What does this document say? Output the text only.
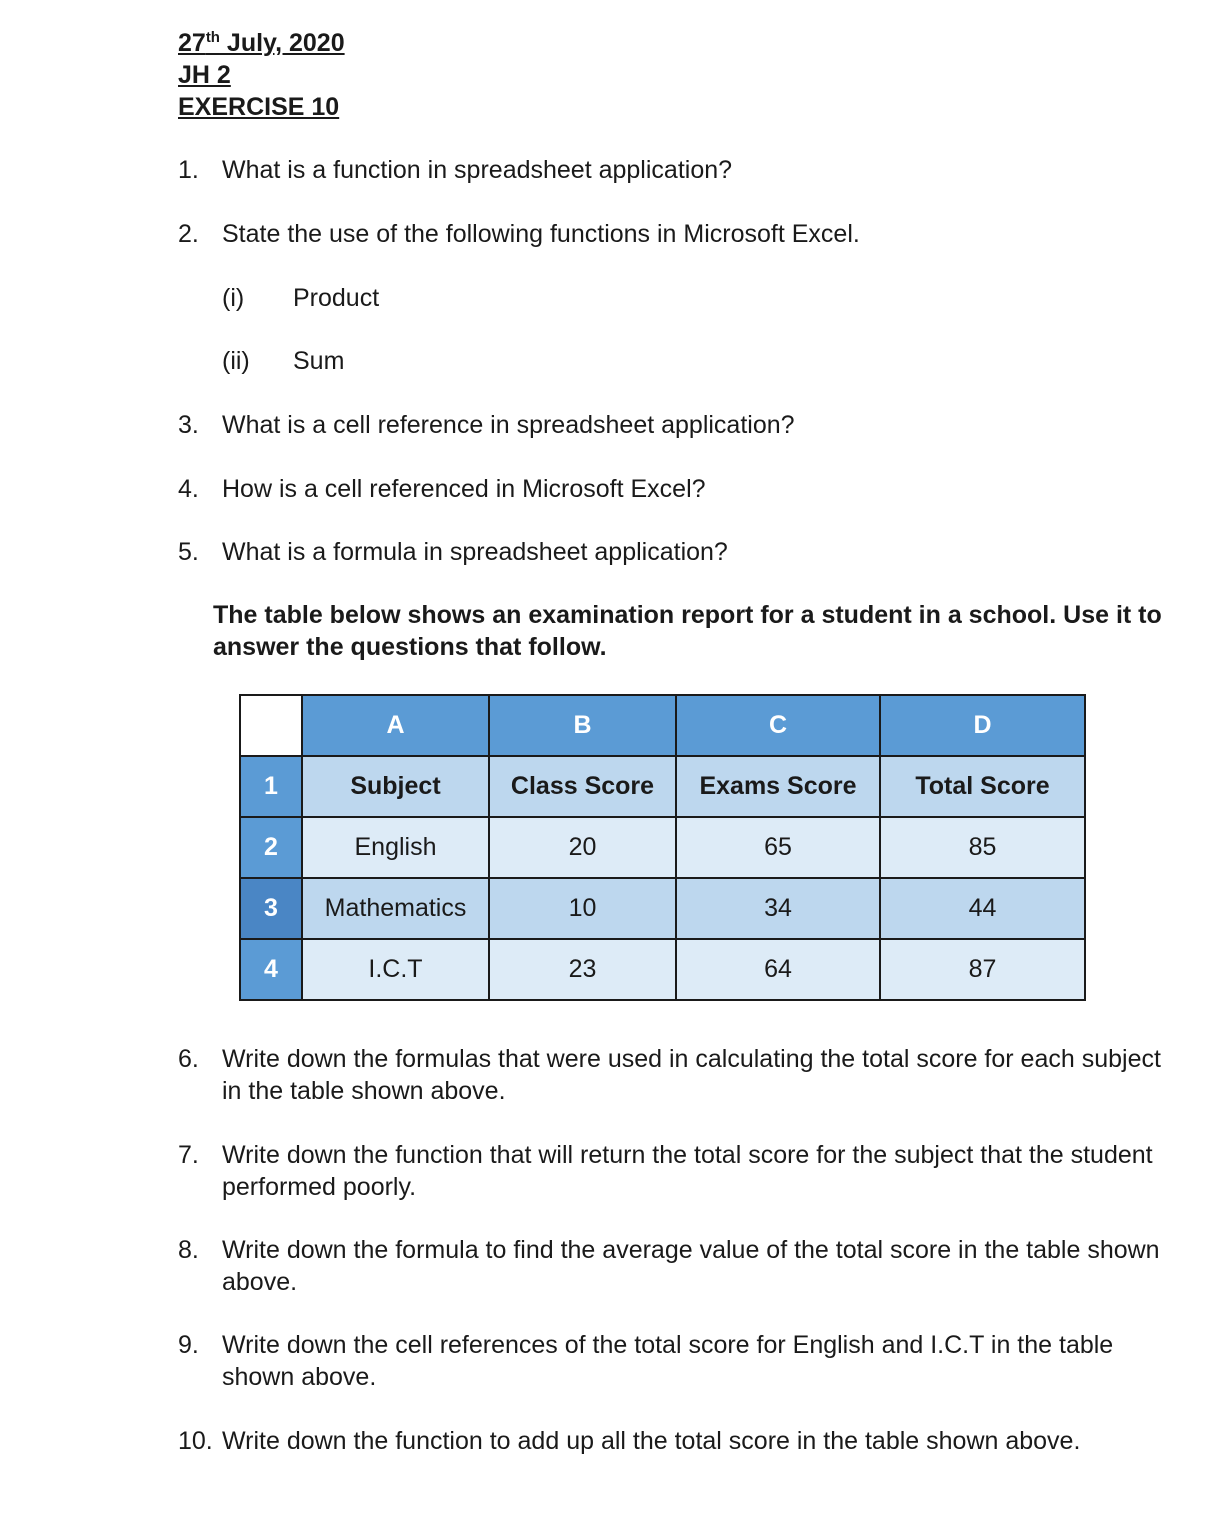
27th July, 2020
JH 2
EXERCISE 10
1. What is a function in spreadsheet application?
2. State the use of the following functions in Microsoft Excel.
(i) Product
(ii) Sum
3. What is a cell reference in spreadsheet application?
4. How is a cell referenced in Microsoft Excel?
5. What is a formula in spreadsheet application?
The table below shows an examination report for a student in a school. Use it to answer the questions that follow.
	A	B	C	D
1	Subject	Class Score	Exams Score	Total Score
2	English	20	65	85
3	Mathematics	10	34	44
4	I.C.T	23	64	87
6. Write down the formulas that were used in calculating the total score for each subject in the table shown above.
7. Write down the function that will return the total score for the subject that the student performed poorly.
8. Write down the formula to find the average value of the total score in the table shown above.
9. Write down the cell references of the total score for English and I.C.T in the table shown above.
10. Write down the function to add up all the total score in the table shown above.
